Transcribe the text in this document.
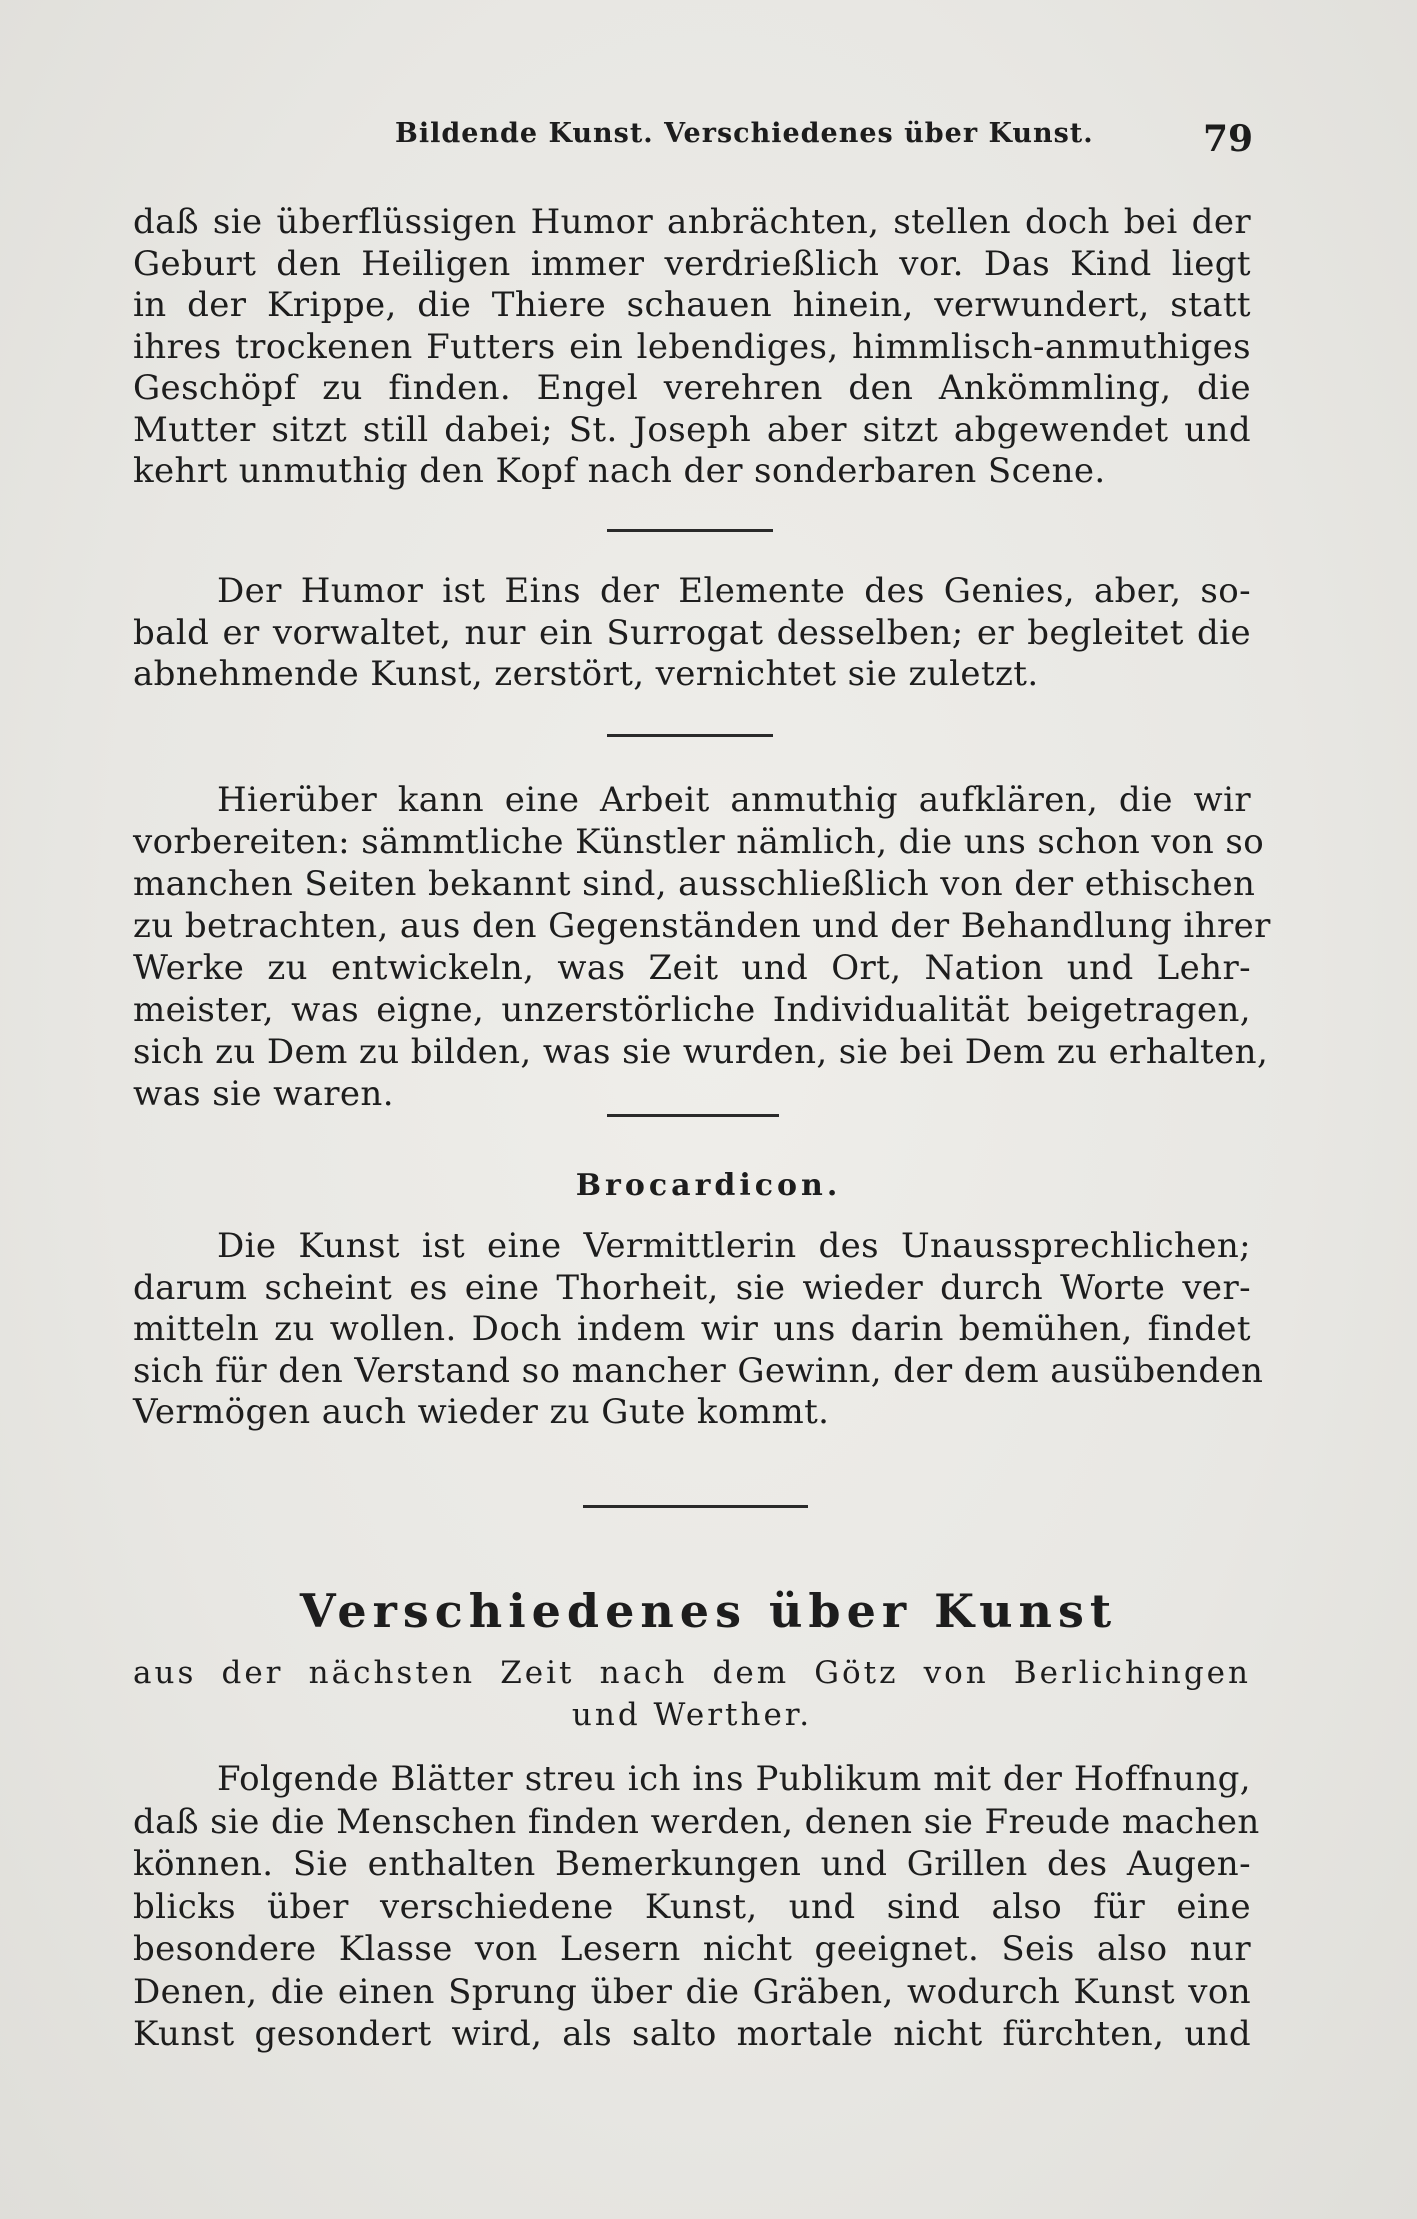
Bildende Kunst. Verschiedenes über Kunst.	79
daß sie überflüssigen Humor anbrächten, stellen doch bei der
Geburt den Heiligen immer verdrießlich vor. Das Kind liegt
in der Krippe, die Thiere schauen hinein, verwundert, statt
ihres trockenen Futters ein lebendiges, himmlisch-anmuthiges
Geschöpf zu finden. Engel verehren den Ankömmling, die
Mutter sitzt still dabei; St. Joseph aber sitzt abgewendet und
kehrt unmuthig den Kopf nach der sonderbaren Scene.
Der Humor ist Eins der Elemente des Genies, aber, so-
bald er vorwaltet, nur ein Surrogat desselben; er begleitet die
abnehmende Kunst, zerstört, vernichtet sie zuletzt.
Hierüber kann eine Arbeit anmuthig aufklären, die wir
vorbereiten: sämmtliche Künstler nämlich, die uns schon von so
manchen Seiten bekannt sind, ausschließlich von der ethischen
zu betrachten, aus den Gegenständen und der Behandlung ihrer
Werke zu entwickeln, was Zeit und Ort, Nation und Lehr-
meister, was eigne, unzerstörliche Individualität beigetragen,
sich zu Dem zu bilden, was sie wurden, sie bei Dem zu erhalten,
was sie waren.
Brocardicon.
Die Kunst ist eine Vermittlerin des Unaussprechlichen;
darum scheint es eine Thorheit, sie wieder durch Worte ver-
mitteln zu wollen. Doch indem wir uns darin bemühen, findet
sich für den Verstand so mancher Gewinn, der dem ausübenden
Vermögen auch wieder zu Gute kommt.
Verschiedenes über Kunst
aus der nächsten Zeit nach dem Götz von Berlichingen
und Werther.
Folgende Blätter streu ich ins Publikum mit der Hoffnung,
daß sie die Menschen finden werden, denen sie Freude machen
können. Sie enthalten Bemerkungen und Grillen des Augen-
blicks über verschiedene Kunst, und sind also für eine
besondere Klasse von Lesern nicht geeignet. Seis also nur
Denen, die einen Sprung über die Gräben, wodurch Kunst von
Kunst gesondert wird, als salto mortale nicht fürchten, und
